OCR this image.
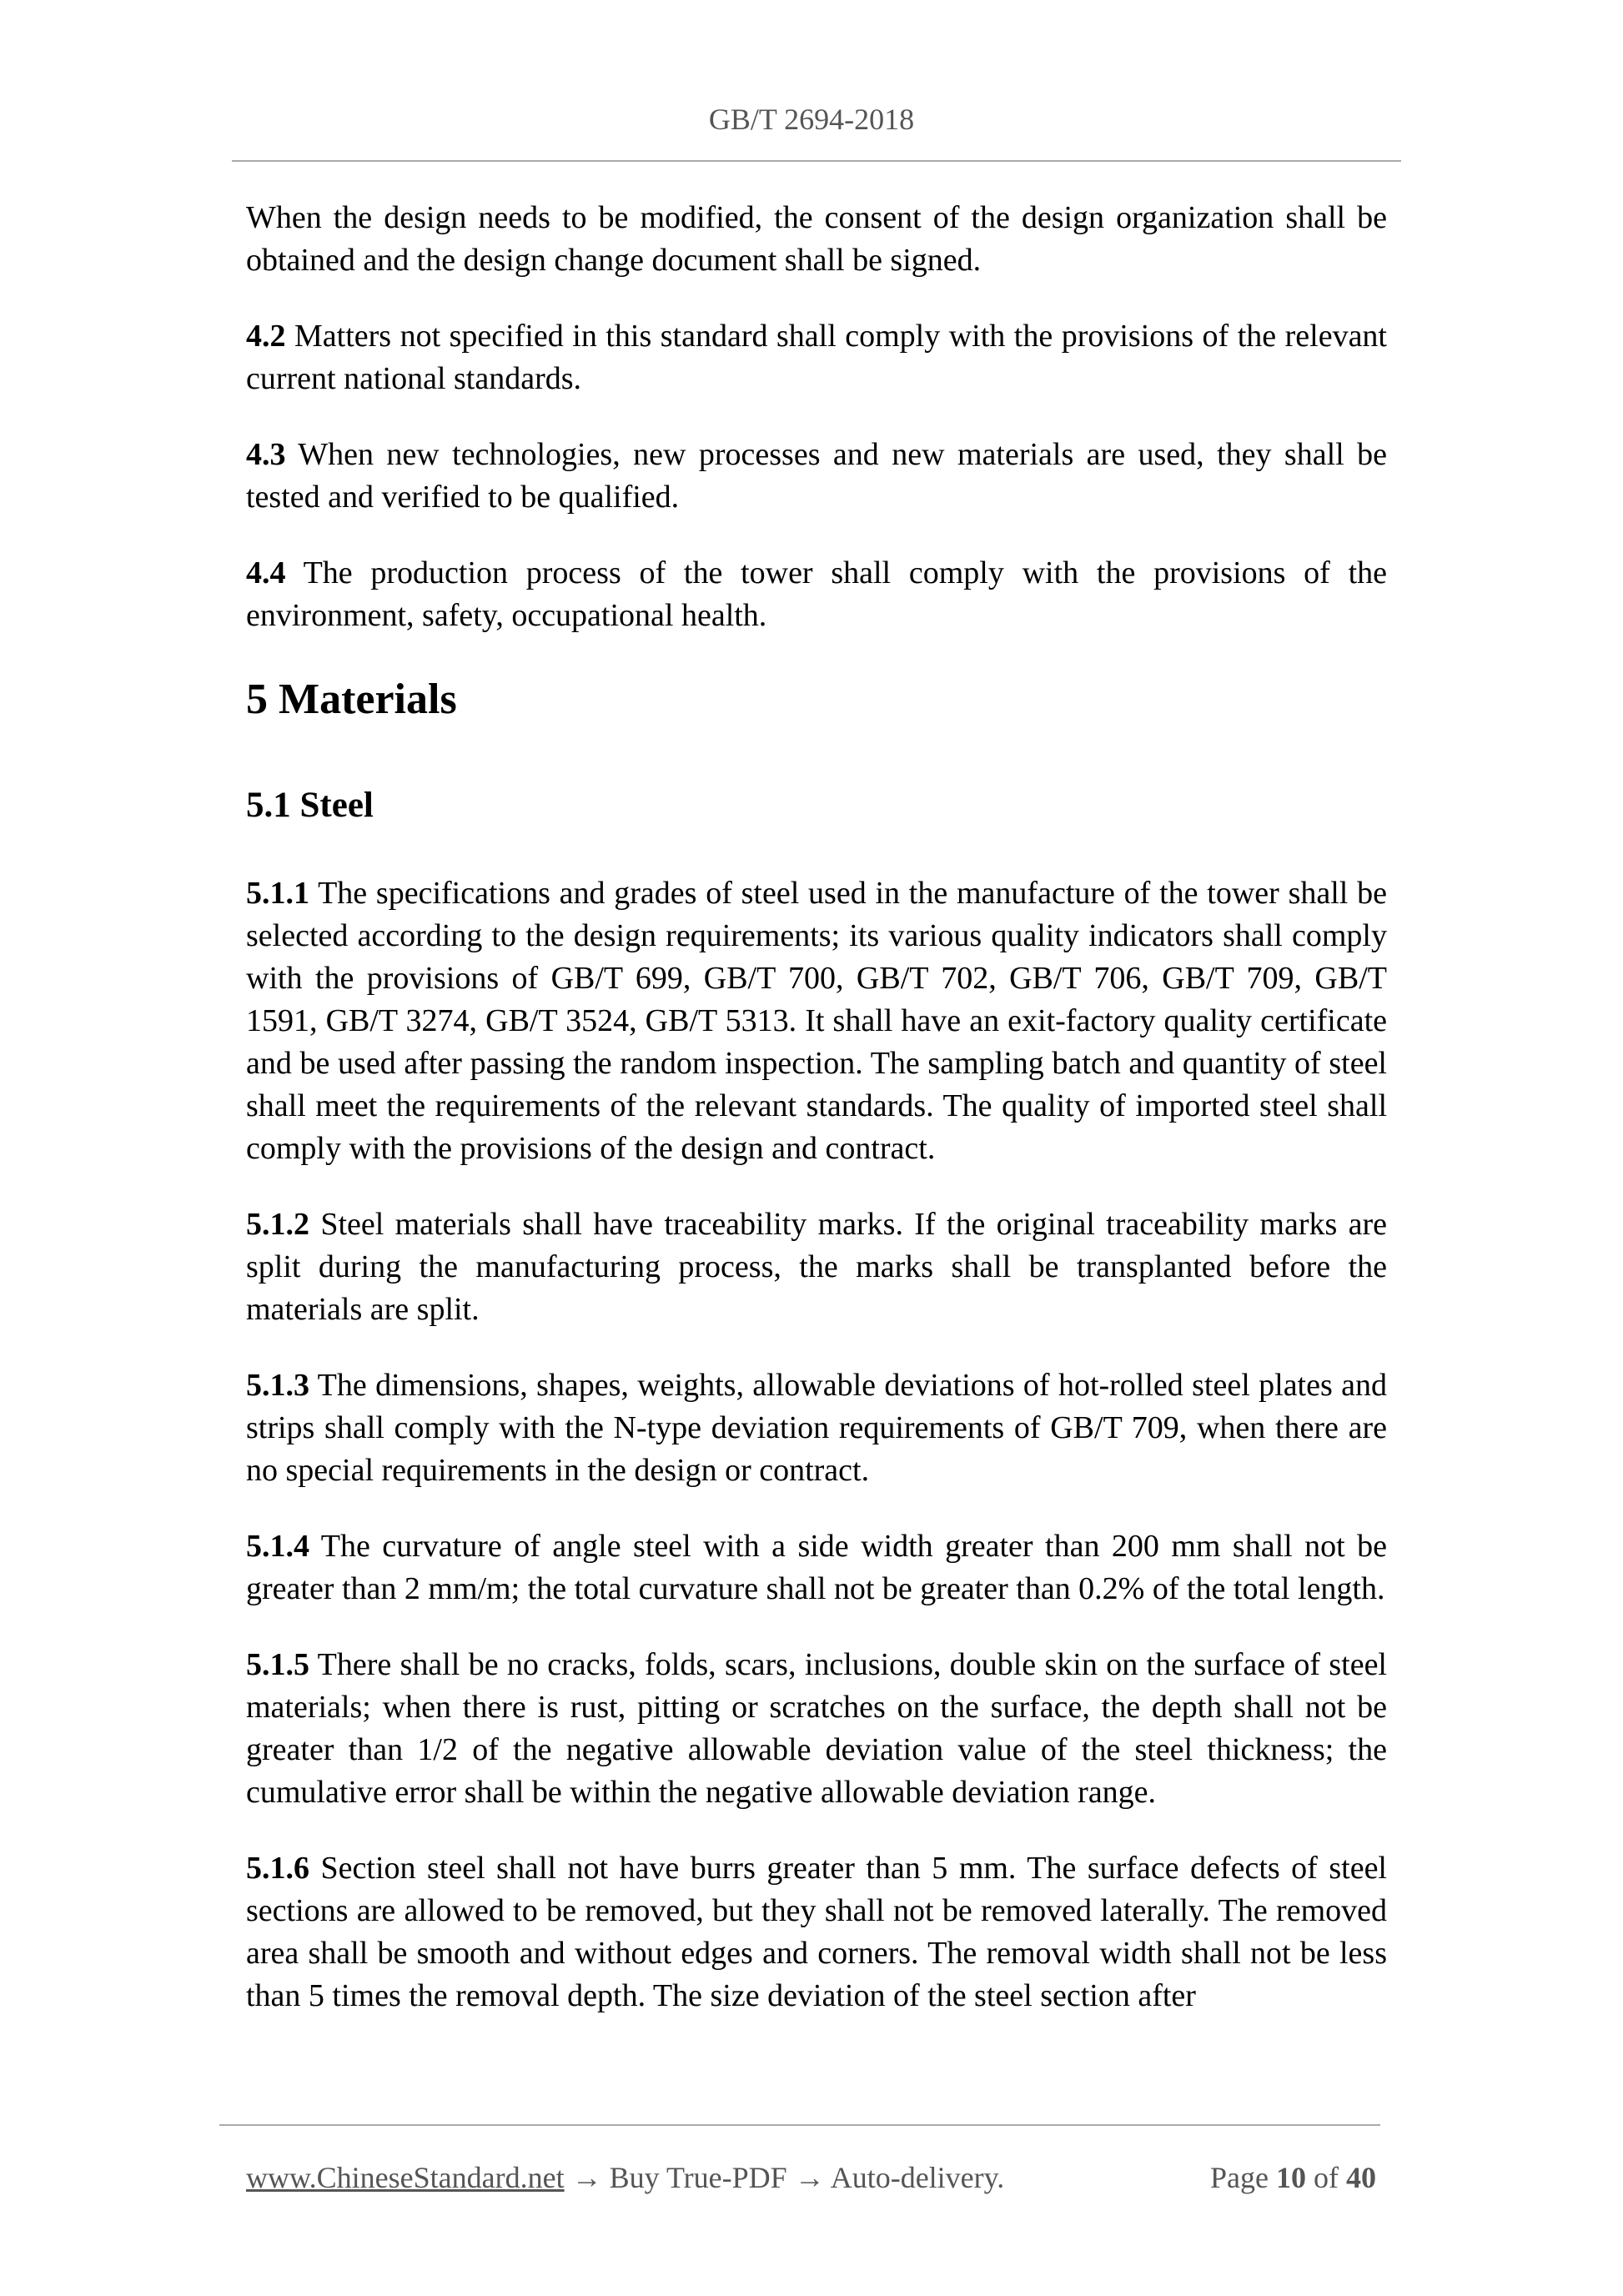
GB/T 2694-2018

When the design needs to be modified, the consent of the design organization shall be obtained and the design change document shall be signed.

4.2 Matters not specified in this standard shall comply with the provisions of the relevant current national standards.

4.3 When new technologies, new processes and new materials are used, they shall be tested and verified to be qualified.

4.4 The production process of the tower shall comply with the provisions of the environment, safety, occupational health.

5 Materials
5.1 Steel

5.1.1 The specifications and grades of steel used in the manufacture of the tower shall be selected according to the design requirements; its various quality indicators shall comply with the provisions of GB/T 699, GB/T 700, GB/T 702, GB/T 706, GB/T 709, GB/T 1591, GB/T 3274, GB/T 3524, GB/T 5313. It shall have an exit-factory quality certificate and be used after passing the random inspection. The sampling batch and quantity of steel shall meet the requirements of the relevant standards. The quality of imported steel shall comply with the provisions of the design and contract.

5.1.2 Steel materials shall have traceability marks. If the original traceability marks are split during the manufacturing process, the marks shall be transplanted before the materials are split.

5.1.3 The dimensions, shapes, weights, allowable deviations of hot-rolled steel plates and strips shall comply with the N-type deviation requirements of GB/T 709, when there are no special requirements in the design or contract.

5.1.4 The curvature of angle steel with a side width greater than 200 mm shall not be greater than 2 mm/m; the total curvature shall not be greater than 0.2% of the total length.

5.1.5 There shall be no cracks, folds, scars, inclusions, double skin on the surface of steel materials; when there is rust, pitting or scratches on the surface, the depth shall not be greater than 1/2 of the negative allowable deviation value of the steel thickness; the cumulative error shall be within the negative allowable deviation range.

5.1.6 Section steel shall not have burrs greater than 5 mm. The surface defects of steel sections are allowed to be removed, but they shall not be removed laterally. The removed area shall be smooth and without edges and corners. The removal width shall not be less than 5 times the removal depth. The size deviation of the steel section after

www.ChineseStandard.net → Buy True-PDF → Auto-delivery.	Page 10 of 40
